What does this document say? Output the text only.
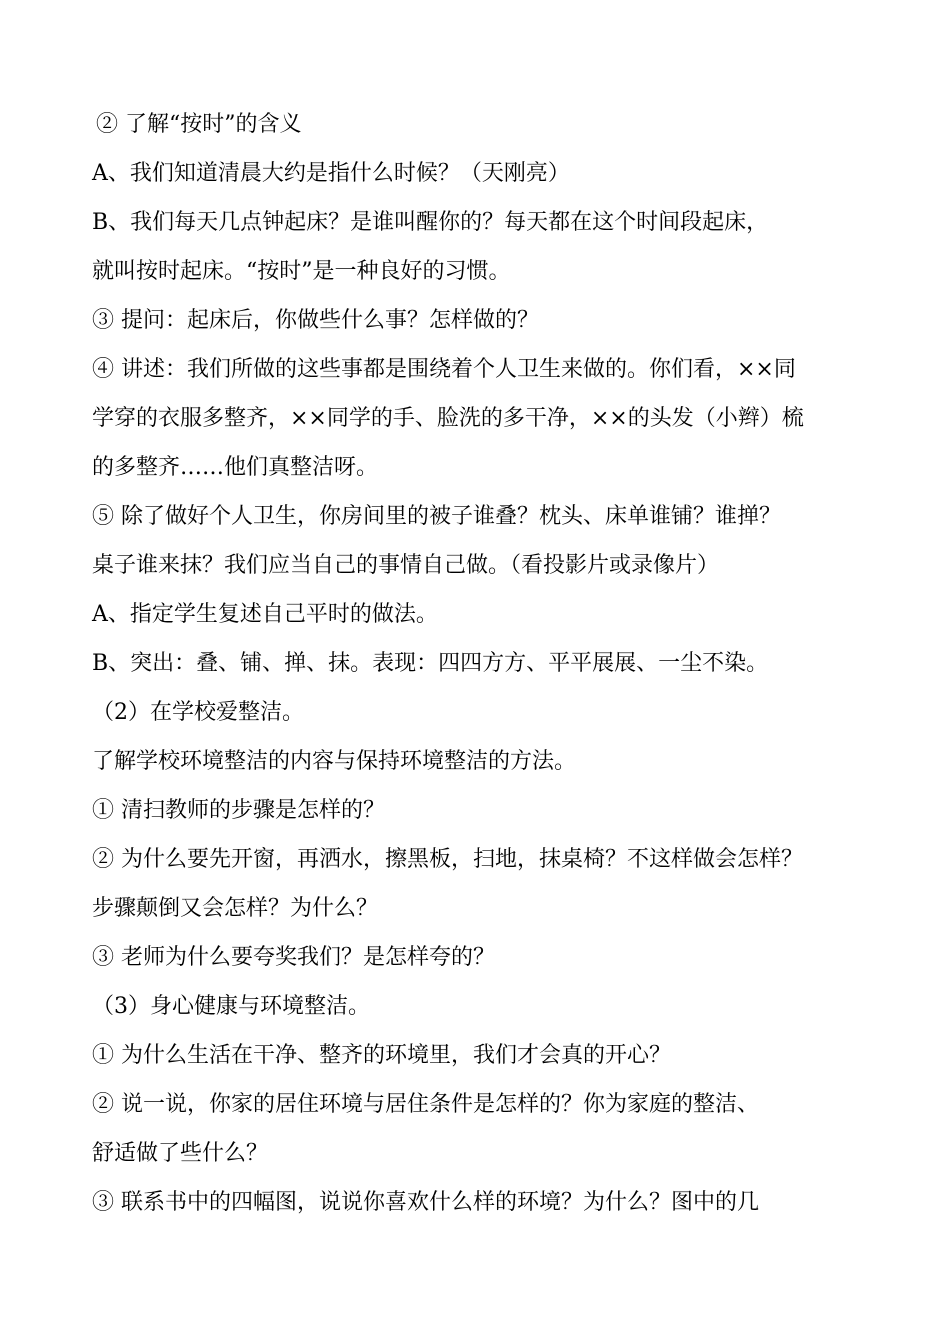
② 了解“按时”的含义

A、我们知道清晨大约是指什么时候？（天刚亮）

B、我们每天几点钟起床？是谁叫醒你的？每天都在这个时间段起床，

就叫按时起床。“按时”是一种良好的习惯。

③ 提问：起床后，你做些什么事？怎样做的？

④ 讲述：我们所做的这些事都是围绕着个人卫生来做的。你们看，××同

学穿的衣服多整齐，××同学的手、脸洗的多干净，××的头发（小辫）梳

的多整齐……他们真整洁呀。

⑤ 除了做好个人卫生，你房间里的被子谁叠？枕头、床单谁铺？谁掸？

桌子谁来抹？我们应当自己的事情自己做。（看投影片或录像片）

A、指定学生复述自己平时的做法。

B、突出：叠、铺、掸、抹。表现：四四方方、平平展展、一尘不染。

（2）在学校爱整洁。

了解学校环境整洁的内容与保持环境整洁的方法。

① 清扫教师的步骤是怎样的？

② 为什么要先开窗，再洒水，擦黑板，扫地，抹桌椅？不这样做会怎样？

步骤颠倒又会怎样？为什么？

③ 老师为什么要夸奖我们？是怎样夸的？

（3）身心健康与环境整洁。

① 为什么生活在干净、整齐的环境里，我们才会真的开心？

② 说一说，你家的居住环境与居住条件是怎样的？你为家庭的整洁、

舒适做了些什么？

③ 联系书中的四幅图，说说你喜欢什么样的环境？为什么？图中的几
